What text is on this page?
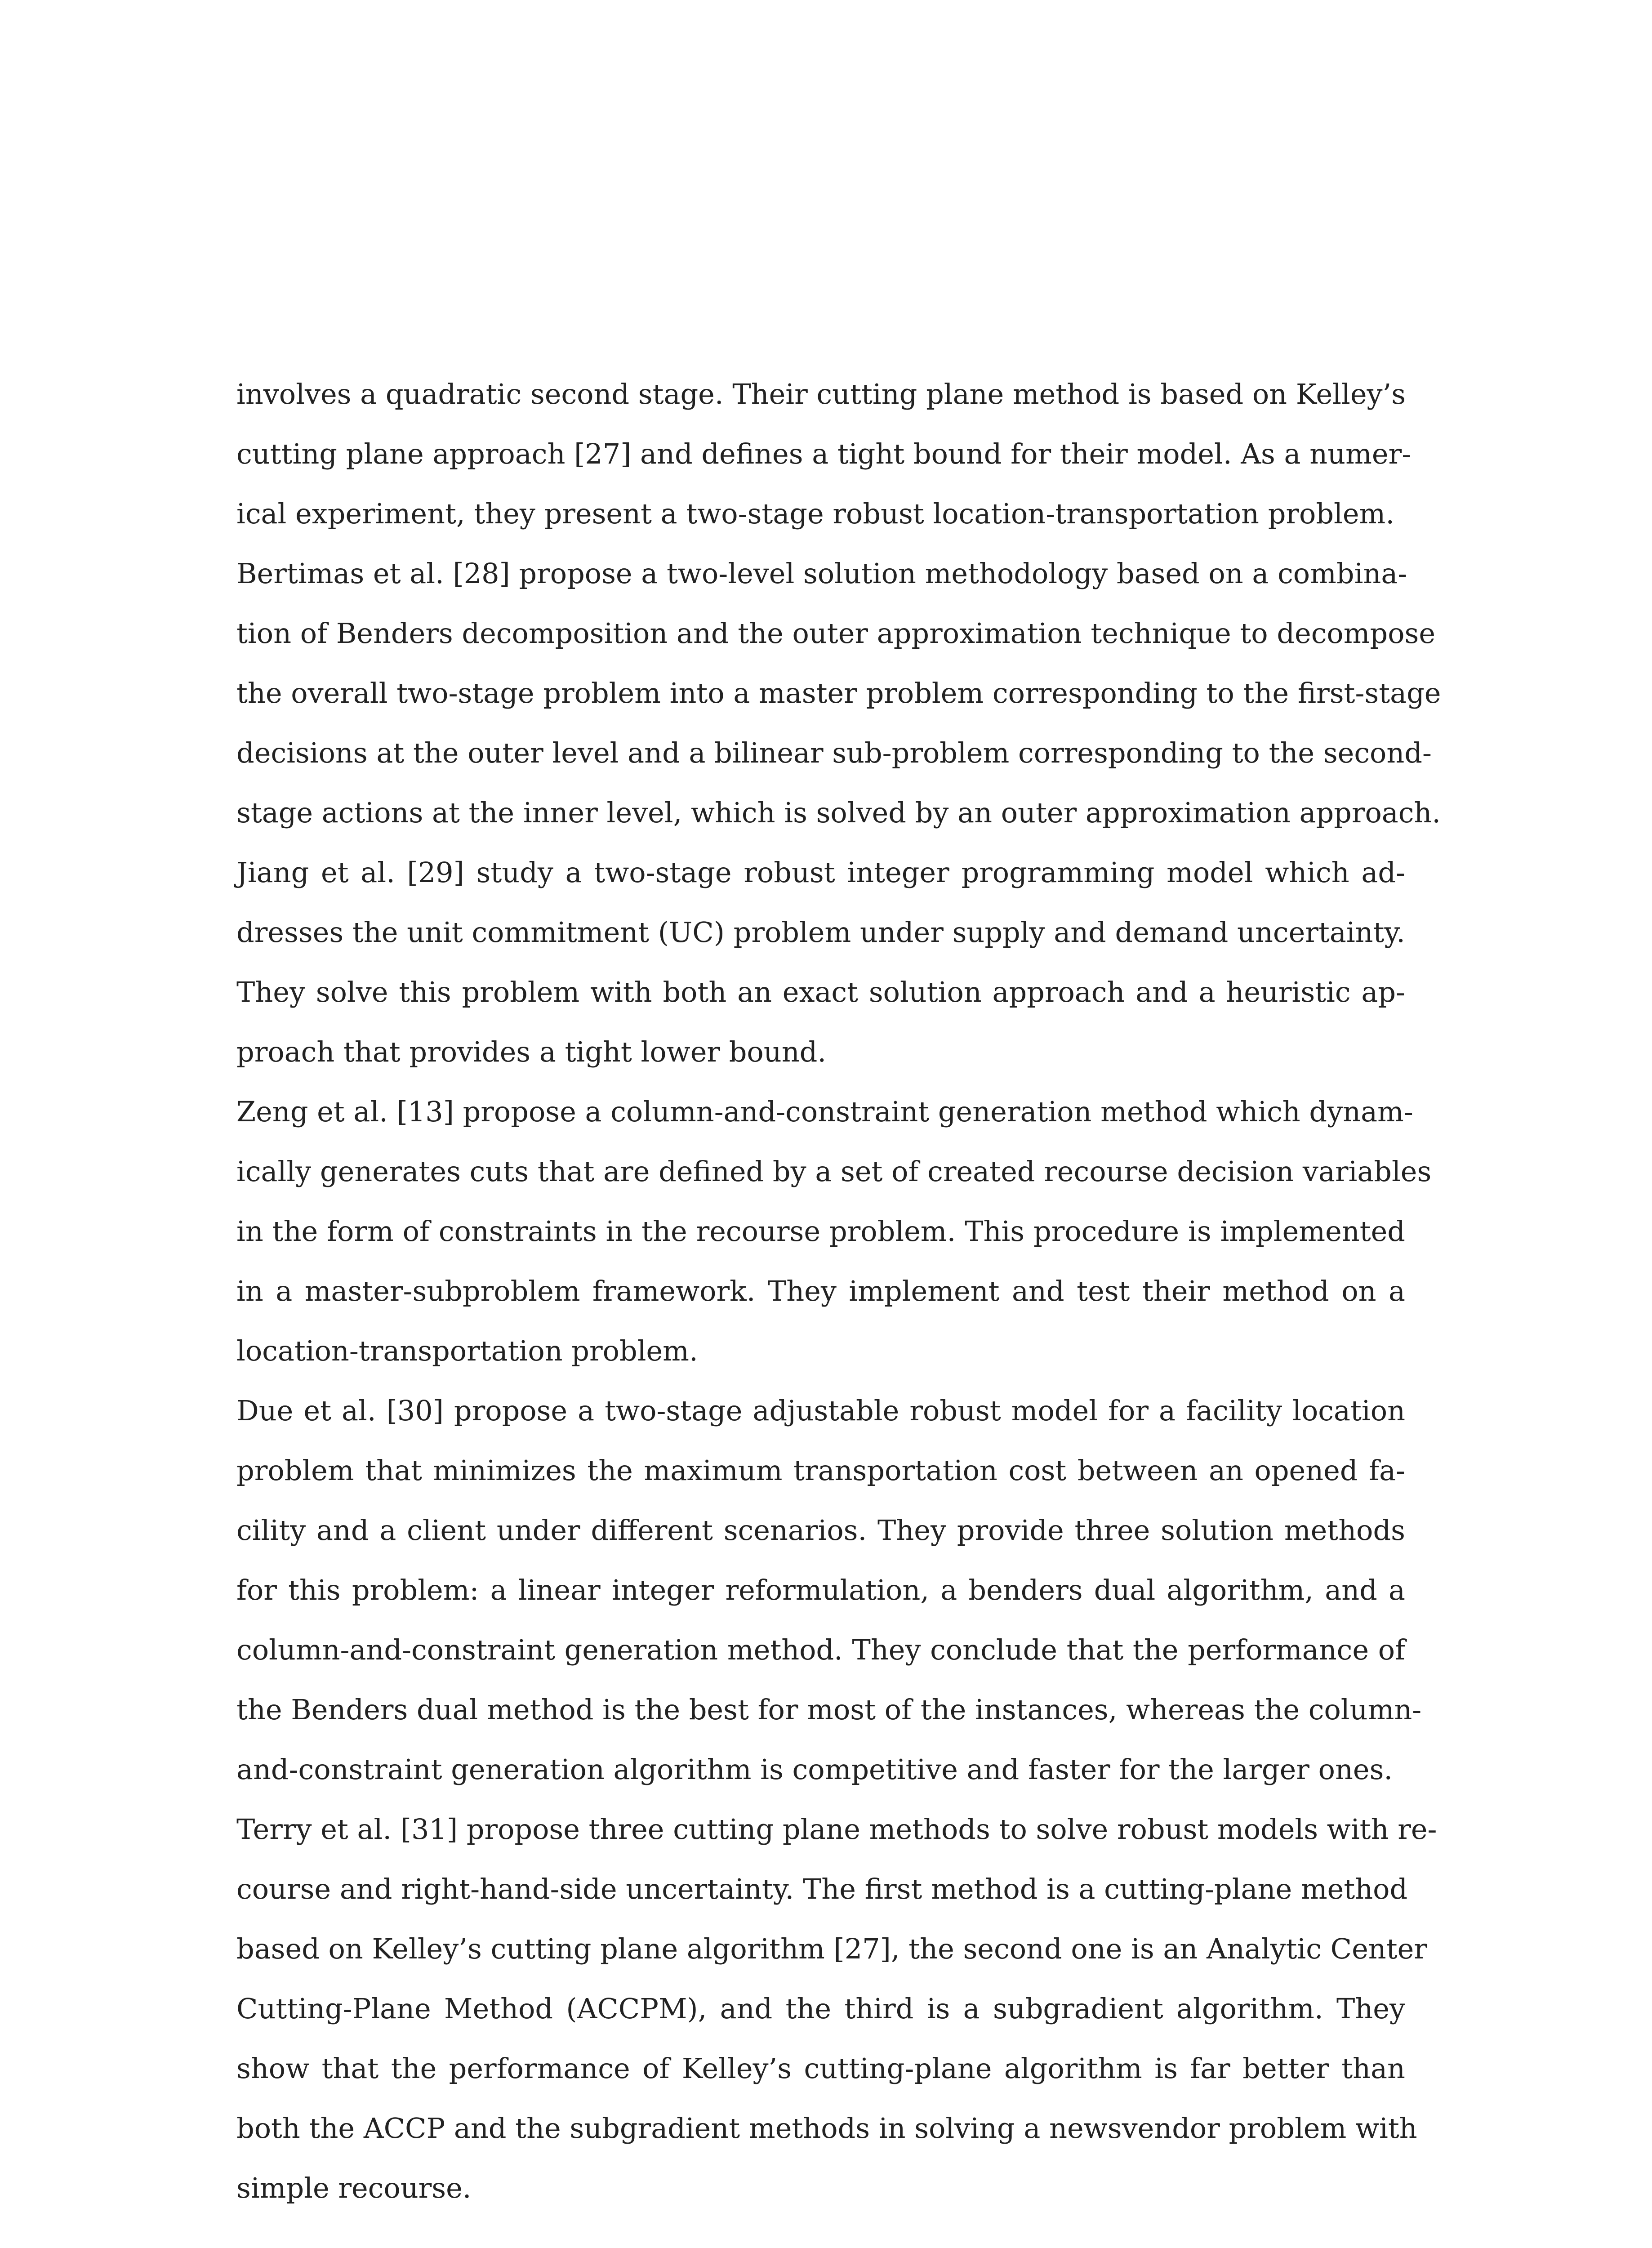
involves a quadratic second stage. Their cutting plane method is based on Kelley’s
cutting plane approach [27] and defines a tight bound for their model. As a numer-
ical experiment, they present a two-stage robust location-transportation problem.
Bertimas et al. [28] propose a two-level solution methodology based on a combina-
tion of Benders decomposition and the outer approximation technique to decompose
the overall two-stage problem into a master problem corresponding to the first-stage
decisions at the outer level and a bilinear sub-problem corresponding to the second-
stage actions at the inner level, which is solved by an outer approximation approach.
Jiang et al. [29] study a two-stage robust integer programming model which ad-
dresses the unit commitment (UC) problem under supply and demand uncertainty.
They solve this problem with both an exact solution approach and a heuristic ap-
proach that provides a tight lower bound.
Zeng et al. [13] propose a column-and-constraint generation method which dynam-
ically generates cuts that are defined by a set of created recourse decision variables
in the form of constraints in the recourse problem. This procedure is implemented
in a master-subproblem framework. They implement and test their method on a
location-transportation problem.
Due et al. [30] propose a two-stage adjustable robust model for a facility location
problem that minimizes the maximum transportation cost between an opened fa-
cility and a client under different scenarios. They provide three solution methods
for this problem: a linear integer reformulation, a benders dual algorithm, and a
column-and-constraint generation method. They conclude that the performance of
the Benders dual method is the best for most of the instances, whereas the column-
and-constraint generation algorithm is competitive and faster for the larger ones.
Terry et al. [31] propose three cutting plane methods to solve robust models with re-
course and right-hand-side uncertainty. The first method is a cutting-plane method
based on Kelley’s cutting plane algorithm [27], the second one is an Analytic Center
Cutting-Plane Method (ACCPM), and the third is a subgradient algorithm. They
show that the performance of Kelley’s cutting-plane algorithm is far better than
both the ACCP and the subgradient methods in solving a newsvendor problem with
simple recourse.
